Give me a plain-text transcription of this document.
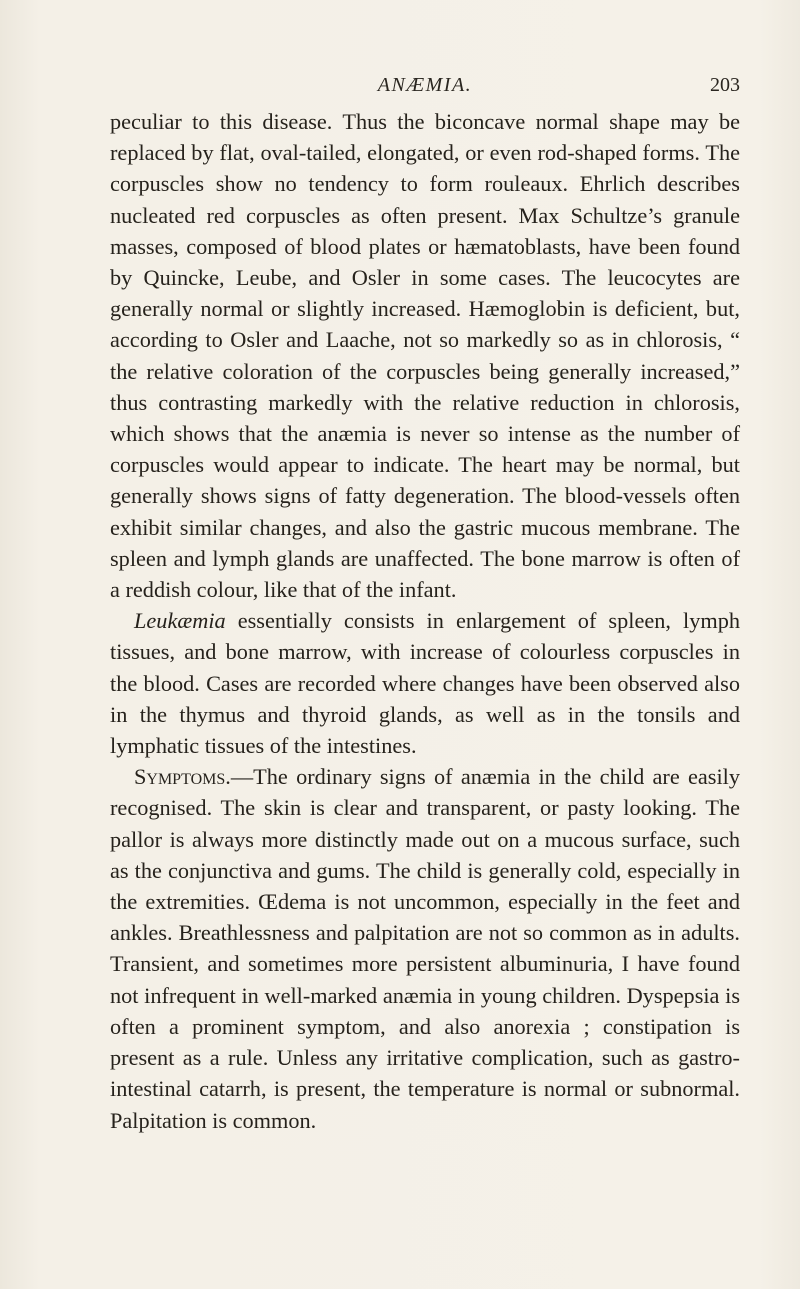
ANÆMIA.	203

peculiar to this disease. Thus the biconcave normal shape may be replaced by flat, oval-tailed, elongated, or even rod-shaped forms. The corpuscles show no tendency to form rouleaux. Ehrlich describes nucleated red corpuscles as often present. Max Schultze’s granule masses, composed of blood plates or hæmatoblasts, have been found by Quincke, Leube, and Osler in some cases. The leucocytes are generally normal or slightly increased. Hæmoglobin is deficient, but, according to Osler and Laache, not so markedly so as in chlorosis, “ the relative coloration of the corpuscles being generally increased,” thus contrasting markedly with the relative reduction in chlorosis, which shows that the anæmia is never so intense as the number of corpuscles would appear to indicate. The heart may be normal, but generally shows signs of fatty degeneration. The blood-vessels often exhibit similar changes, and also the gastric mucous membrane. The spleen and lymph glands are unaffected. The bone marrow is often of a reddish colour, like that of the infant.

Leukæmia essentially consists in enlargement of spleen, lymph tissues, and bone marrow, with increase of colourless corpuscles in the blood. Cases are recorded where changes have been observed also in the thymus and thyroid glands, as well as in the tonsils and lymphatic tissues of the intestines.

Symptoms.—The ordinary signs of anæmia in the child are easily recognised. The skin is clear and transparent, or pasty looking. The pallor is always more distinctly made out on a mucous surface, such as the conjunctiva and gums. The child is generally cold, especially in the extremities. Œdema is not uncommon, especially in the feet and ankles. Breathlessness and palpitation are not so common as in adults. Transient, and sometimes more persistent albuminuria, I have found not infrequent in well-marked anæmia in young children. Dyspepsia is often a prominent symptom, and also anorexia ; constipation is present as a rule. Unless any irritative complication, such as gastro-intestinal catarrh, is present, the temperature is normal or subnormal. Palpitation is common.
